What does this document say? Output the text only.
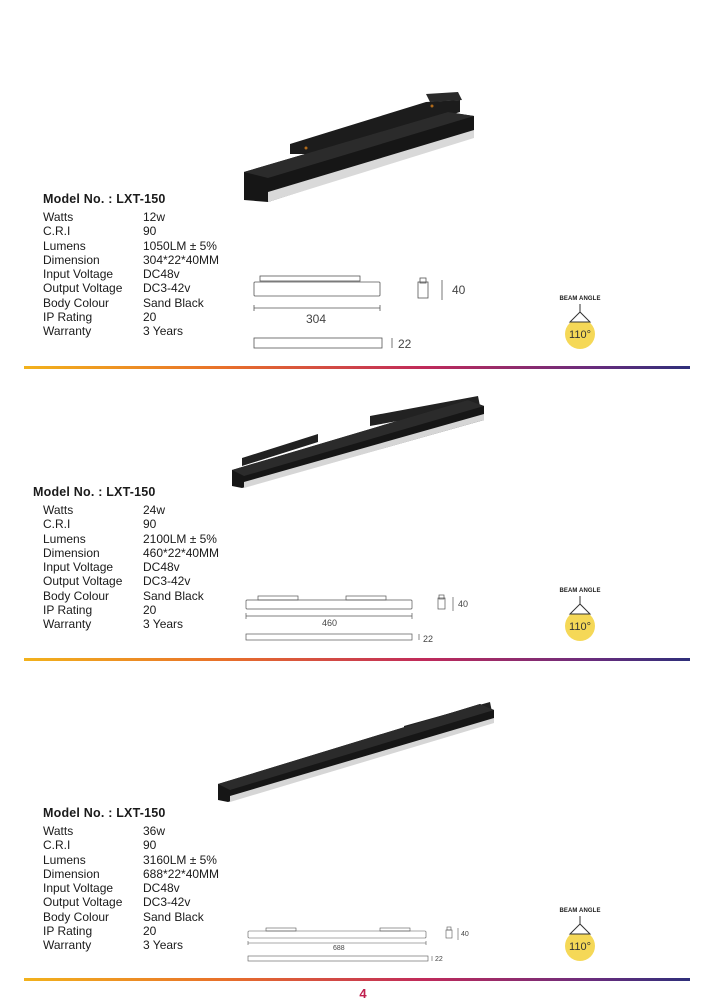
Model No. : LXT-150
Watts	12w
C.R.I	90
Lumens	1050LM ± 5%
Dimension	304*22*40MM
Input Voltage	DC48v
Output Voltage	DC3-42v
Body Colour	Sand Black
IP Rating	20
Warranty	3 Years
304
40
22
BEAM ANGLE
110°
Model No. : LXT-150
Watts	24w
C.R.I	90
Lumens	2100LM ± 5%
Dimension	460*22*40MM
Input Voltage	DC48v
Output Voltage	DC3-42v
Body Colour	Sand Black
IP Rating	20
Warranty	3 Years	460
40
22
BEAM ANGLE
110°
Model No. : LXT-150
Watts	36w
C.R.I	90
Lumens	3160LM ± 5%
Dimension	688*22*40MM
Input Voltage	DC48v
Output Voltage	DC3-42v
Body Colour	Sand Black
IP Rating	20
Warranty	3 Years	688
40
22
BEAM ANGLE
110°
4
